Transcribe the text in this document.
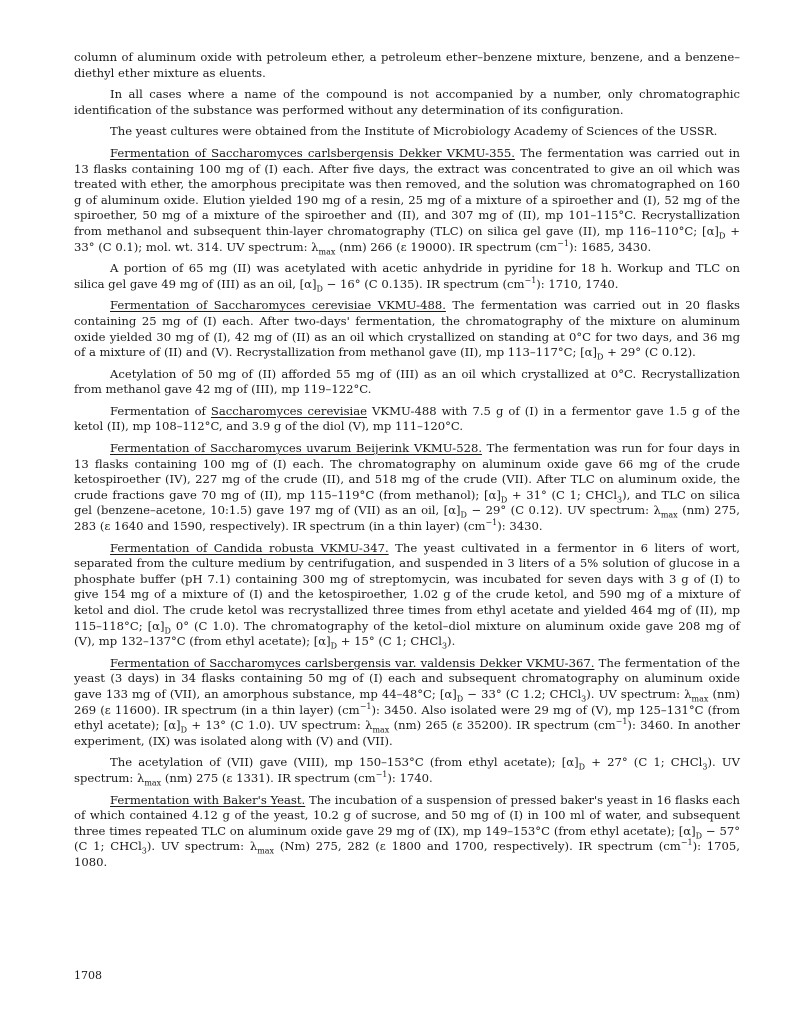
column of aluminum oxide with petroleum ether, a petroleum ether–benzene mixture, benzene, and a benzene–diethyl ether mixture as eluents.

In all cases where a name of the compound is not accompanied by a number, only chromatographic identification of the substance was performed without any determination of its configuration.

The yeast cultures were obtained from the Institute of Microbiology Academy of Sciences of the USSR.

Fermentation of Saccharomyces carlsbergensis Dekker VKMU-355. The fermentation was carried out in 13 flasks containing 100 mg of (I) each. After five days, the extract was concentrated to give an oil which was treated with ether, the amorphous precipitate was then removed, and the solution was chromatographed on 160 g of aluminum oxide. Elution yielded 190 mg of a resin, 25 mg of a mixture of a spiroether and (I), 52 mg of the spiroether, 50 mg of a mixture of the spiroether and (II), and 307 mg of (II), mp 101–115°C. Recrystallization from methanol and subsequent thin-layer chromatography (TLC) on silica gel gave (II), mp 116–110°C; $[\alpha]_D + 33^\circ$ (C 0.1); mol. wt. 314. UV spectrum: $\lambda_{max}$ (nm) 266 (ε 19000). IR spectrum $(cm^{-1})$: 1685, 3430.

A portion of 65 mg (II) was acetylated with acetic anhydride in pyridine for 18 h. Workup and TLC on silica gel gave 49 mg of (III) as an oil, $[\alpha]_D - 16^\circ$ (C 0.135). IR spectrum $(cm^{-1})$: 1710, 1740.

Fermentation of Saccharomyces cerevisiae VKMU-488. The fermentation was carried out in 20 flasks containing 25 mg of (I) each. After two-days' fermentation, the chromatography of the mixture on aluminum oxide yielded 30 mg of (I), 42 mg of (II) as an oil which crystallized on standing at 0°C for two days, and 36 mg of a mixture of (II) and (V). Recrystallization from methanol gave (II), mp 113–117°C; $[\alpha]_D + 29^\circ$ (C 0.12).

Acetylation of 50 mg of (II) afforded 55 mg of (III) as an oil which crystallized at 0°C. Recrystallization from methanol gave 42 mg of (III), mp 119–122°C.

Fermentation of Saccharomyces cerevisiae VKMU-488 with 7.5 g of (I) in a fermentor gave 1.5 g of the ketol (II), mp 108–112°C, and 3.9 g of the diol (V), mp 111–120°C.

Fermentation of Saccharomyces uvarum Beijerink VKMU-528. The fermentation was run for four days in 13 flasks containing 100 mg of (I) each. The chromatography on aluminum oxide gave 66 mg of the crude ketospiroether (IV), 227 mg of the crude (II), and 518 mg of the crude (VII). After TLC on aluminum oxide, the crude fractions gave 70 mg of (II), mp 115–119°C (from methanol); $[\alpha]_D + 31^\circ$ (C 1; CHCl$_3$), and TLC on silica gel (benzene–acetone, 10:1.5) gave 197 mg of (VII) as an oil, $[\alpha]_D - 29^\circ$ (C 0.12). UV spectrum: $\lambda_{max}$ (nm) 275, 283 (ε 1640 and 1590, respectively). IR spectrum (in a thin layer) $(cm^{-1})$: 3430.

Fermentation of Candida robusta VKMU-347. The yeast cultivated in a fermentor in 6 liters of wort, separated from the culture medium by centrifugation, and suspended in 3 liters of a 5% solution of glucose in a phosphate buffer (pH 7.1) containing 300 mg of streptomycin, was incubated for seven days with 3 g of (I) to give 154 mg of a mixture of (I) and the ketospiroether, 1.02 g of the crude ketol, and 590 mg of a mixture of ketol and diol. The crude ketol was recrystallized three times from ethyl acetate and yielded 464 mg of (II), mp 115–118°C; $[\alpha]_D$ 0° (C 1.0). The chromatography of the ketol–diol mixture on aluminum oxide gave 208 mg of (V), mp 132–137°C (from ethyl acetate); $[\alpha]_D + 15^\circ$ (C 1; CHCl$_3$).

Fermentation of Saccharomyces carlsbergensis var. valdensis Dekker VKMU-367. The fermentation of the yeast (3 days) in 34 flasks containing 50 mg of (I) each and subsequent chromatography on aluminum oxide gave 133 mg of (VII), an amorphous substance, mp 44–48°C; $[\alpha]_D - 33^\circ$ (C 1.2; CHCl$_3$). UV spectrum: $\lambda_{max}$ (nm) 269 (ε 11600). IR spectrum (in a thin layer) $(cm^{-1})$: 3450. Also isolated were 29 mg of (V), mp 125–131°C (from ethyl acetate); $[\alpha]_D + 13^\circ$ (C 1.0). UV spectrum: $\lambda_{max}$ (nm) 265 (ε 35200). IR spectrum $(cm^{-1})$: 3460. In another experiment, (IX) was isolated along with (V) and (VII).

The acetylation of (VII) gave (VIII), mp 150–153°C (from ethyl acetate); $[\alpha]_D + 27^\circ$ (C 1; CHCl$_3$). UV spectrum: $\lambda_{max}$ (nm) 275 (ε 1331). IR spectrum $(cm^{-1})$: 1740.

Fermentation with Baker's Yeast. The incubation of a suspension of pressed baker's yeast in 16 flasks each of which contained 4.12 g of the yeast, 10.2 g of sucrose, and 50 mg of (I) in 100 ml of water, and subsequent three times repeated TLC on aluminum oxide gave 29 mg of (IX), mp 149–153°C (from ethyl acetate); $[\alpha]_D - 57^\circ$ (C 1; CHCl$_3$). UV spectrum: $\lambda_{max}$ (Nm) 275, 282 (ε 1800 and 1700, respectively). IR spectrum $(cm^{-1})$: 1705, 1080.

1708
